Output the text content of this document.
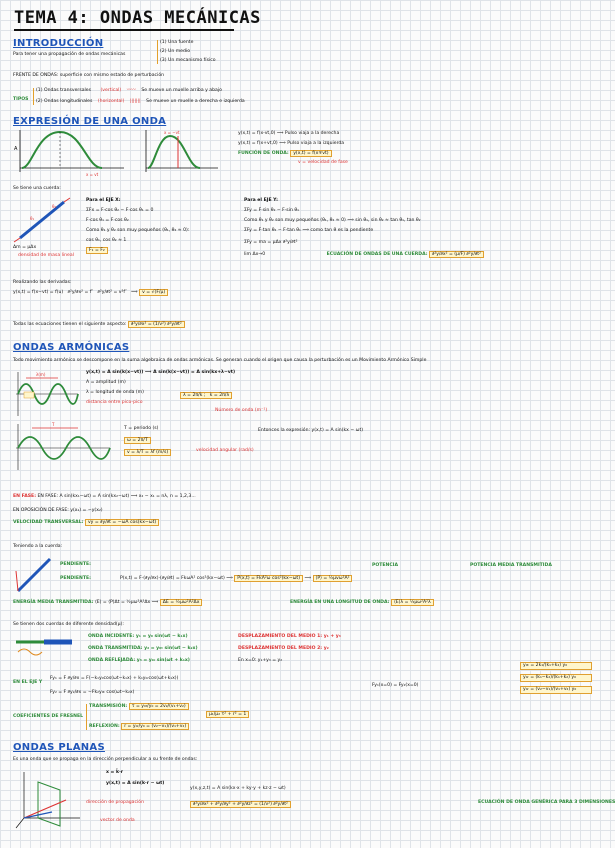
TEMA 4: ONDAS MECÁNICAS
INTRODUCCIÓN
Para tener una propagación de ondas mecánicas
(1) Una fuente
(2) Un medio
(3) Un mecanismo físico
FRENTE DE ONDAS: superficie con mismo estado de perturbación
TIPOS
(1) Ondas transversales (vertical) 〰〰 Se mueve un muelle arriba y abajo
(2) Ondas longitudinales (horizontal) ||||||| Se mueve un muelle a derecha e izquierda
EXPRESIÓN DE UNA ONDA
A
x = vt
x = −vt	y(x,t) = f(x-vt,0) ⟹ Pulso viaja a la derecha
y(x,t) = f(x+vt,0) ⟹ Pulso viaja a la izquierda
FUNCIÓN DE ONDA: y(x,t) = f(x∓vt)
v = velocidad de fase
Se tiene una cuerda:
θ₁
θ₂
Δm = μΔx
densidad de masa lineal
Para el EJE X:
ΣFx = F·cos θ₂ − F·cos θ₁ = 0
F·cos θ₁ = F·cos θ₂
Como θ₁ y θ₂ son muy pequeños (θ₁, θ₂ ≈ 0):
cos θ₁, cos θ₂ ≈ 1
F₁ = F₂
Para el EJE Y:
ΣFy = F·sin θ₂ − F·sin θ₁
Como θ₁ y θ₂ son muy pequeños (θ₁, θ₂ ≈ 0) ⟹ sin θ₁, sin θ₂ ≈ tan θ₁, tan θ₂
ΣFy = F·tan θ₂ − F·tan θ₁ ⟹ como tan θ es la pendiente
ΣFy = ma = μΔx ∂²y/∂t²
lim Δx→0	ECUACIÓN DE ONDAS DE UNA CUERDA: ∂²y/∂x² = (μ/F) ∂²y/∂t²
Realizando las derivadas:
y(x,t) = f(x−vt) = f(u)   ∂²y/∂x² = f″   ∂²y/∂t² = v²f″   ⟹ v = √(F/μ)
Todas las ecuaciones tienen el siguiente aspecto: ∂²y/∂x² = (1/v²) ∂²y/∂t²
ONDAS ARMÓNICAS
Todo movimiento armónico se descompone en la suma algebraica de ondas armónicas. Se generan cuando el origen que causa la perturbación es un Movimiento Armónico Simple
λ(m)	y(x,t) = A sin(k(x−vt)) ⟹ A sin(k(x−vt)) = A sin(kx+λ−vt)
A = amplitud (m)
λ = longitud de onda (m)
distancia entre pico-pico
λ = 2π/k ;   k = 2π/λ
Número de onda (m⁻¹)
T
T = periodo (s)
ω = 2π/T
v = λ/T = λf (m/s)	velocidad angular (rad/s)
Entonces la expresión: y(x,t) = A sin(kx − ωt)
EN FASE: EN FASE: A sin(kx₁−ωt) = A sin(kx₂−ωt) ⟹ x₂ − x₁ = nλ, n = 1,2,3...
EN OPOSICIÓN DE FASE: y(x₁) = −y(x₂)
VELOCIDAD TRANSVERSAL: vy = ∂y/∂t = −ωA cos(kx−ωt)
Teniendo a la cuerda:
PENDIENTE:
PENDIENTE:	P(x,t) = F·(∂y/∂x)·(∂y/∂t) = FkωA² cos²(kx−ωt) ⟹ P(x,t) = FkA²ω cos²(kx−ωt) ⟹ ⟨P⟩ = ½μvω²A²
POTENCIA	POTENCIA MEDIA TRANSMITIDA
ENERGÍA MEDIA TRANSMITIDA: ⟨E⟩ = ⟨P⟩Δt = ½μω²A²Δx ⟹ ΔE = ½μω²A²Δx	ENERGÍA EN UNA LONGITUD DE ONDA: ⟨E⟩λ = ½μω²A²λ
Se tienen dos cuerdas de diferente densidad(μ):
ONDA INCIDENTE: y₁ = y₀ sin(ωt − k₁x)
ONDA TRANSMITIDA: y₂ = y₀ₜ sin(ωt − k₂x)
ONDA REFLEJADA: y₃ = y₀ᵣ sin(ωt + k₁x)
DESPLAZAMIENTO DEL MEDIO 1: y₁ + y₃
DESPLAZAMIENTO DEL MEDIO 2: y₂
En x=0: y₁+y₃ = y₂
EN EL EJE Y
Fy₁ = F ∂y/∂x = F(−k₁y₀cos(ωt−k₁x) + k₁y₀ᵣcos(ωt+k₁x))
Fy₂ = F ∂y₂/∂x = −Fk₂y₀ₜ cos(ωt−k₂x)
Fy₁(x=0) = Fy₂(x=0)
y₀ₜ = 2k₁/(k₁+k₂) y₀
y₀ᵣ = (k₁−k₂)/(k₁+k₂) y₀
y₀ᵣ = (v₂−v₁)/(v₁+v₂) y₀
COEFICIENTES DE FRESNEL
TRANSMISIÓN: τ = y₀ₜ/y₀ = 2v₂/(v₁+v₂)
REFLEXIÓN: r = y₀ᵣ/y₀ = (v₂−v₁)/(v₁+v₂)
μ₁/μ₂ τ² + r² = 1
ONDAS PLANAS
Es una onda que se propaga en la dirección perpendicular a su frente de ondas:
x = k̂·r
y(x,t) = A sin(k·r − ωt)
dirección de propagación
vector de onda
y(x,y,z,t) = A sin(kx·x + ky·y + kz·z − ωt)
∂²y/∂x² + ∂²y/∂y² + ∂²y/∂z² = (1/v²) ∂²y/∂t²	ECUACIÓN DE ONDA GENÉRICA PARA 3 DIMENSIONES
